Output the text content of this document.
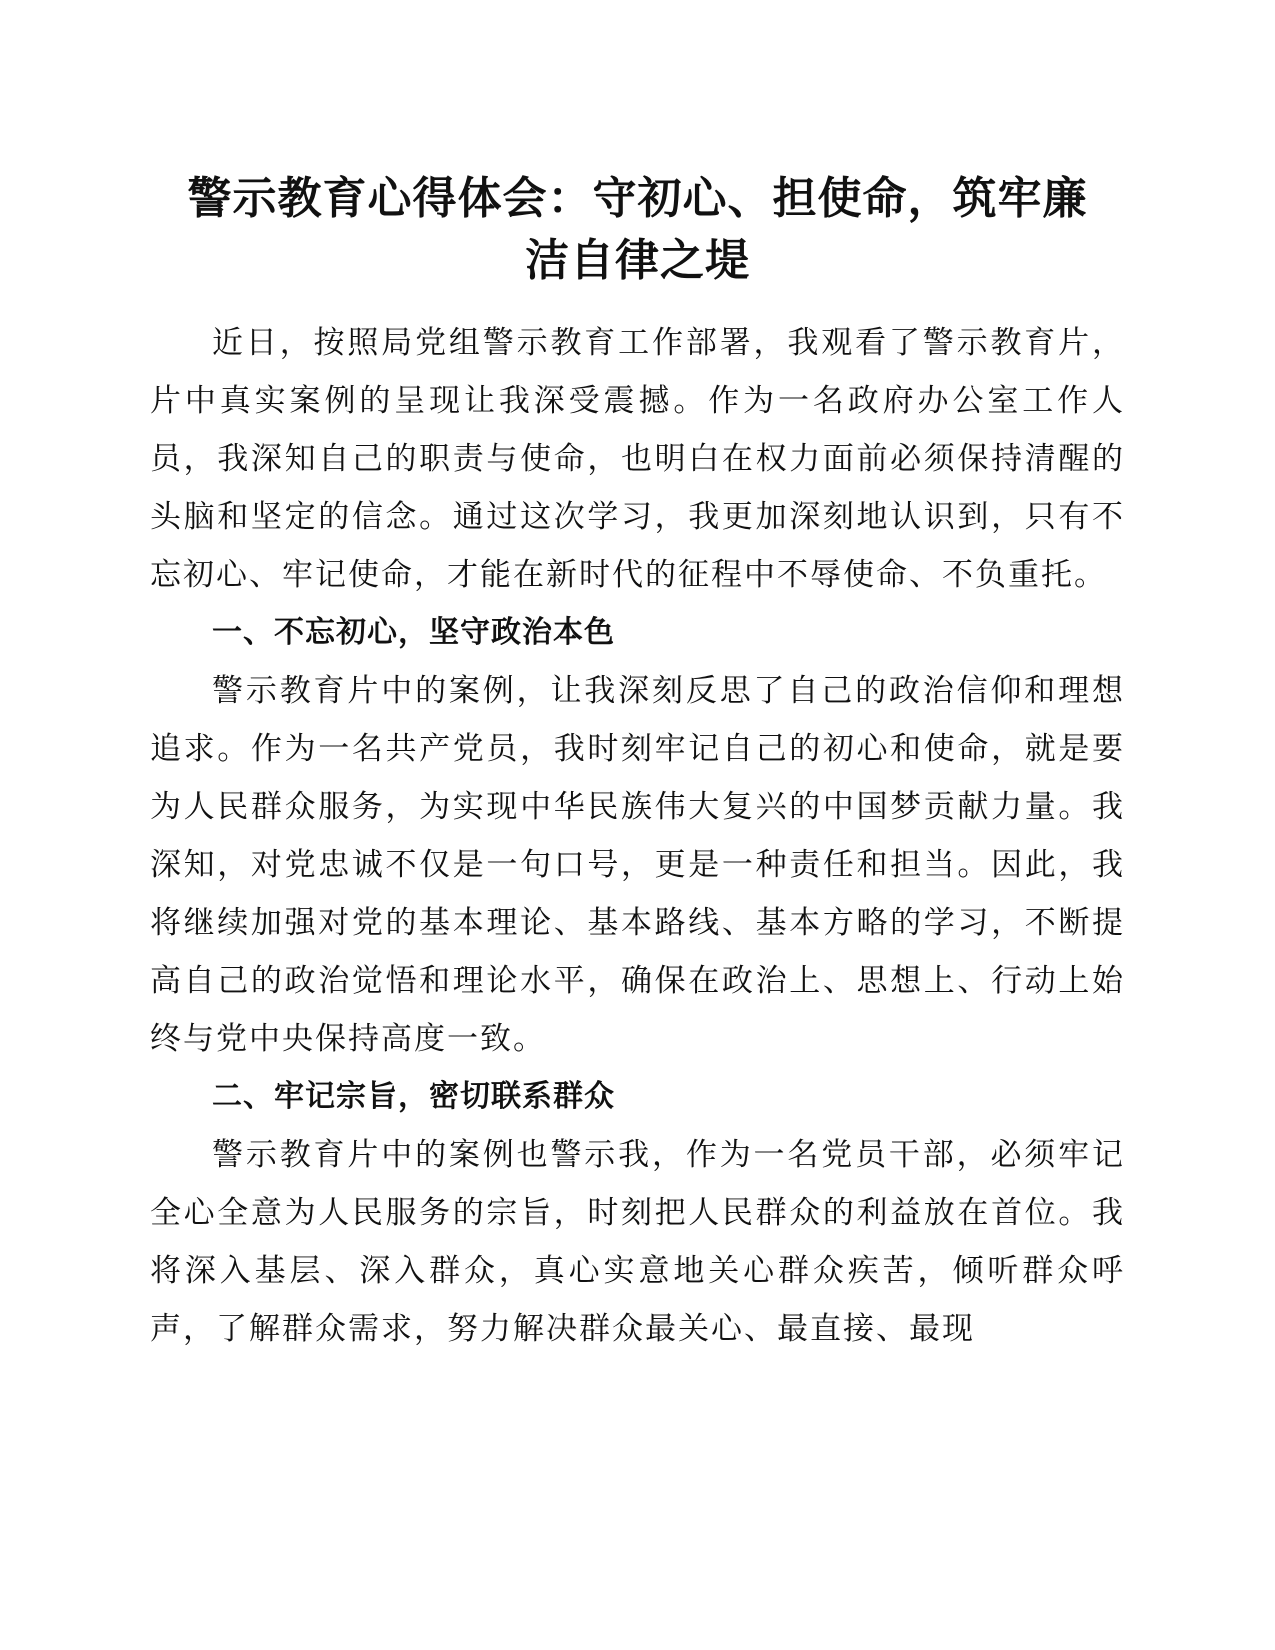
警示教育心得体会：守初心、担使命，筑牢廉
洁自律之堤

近日，按照局党组警示教育工作部署，我观看了警示教育片，片中真实案例的呈现让我深受震撼。作为一名政府办公室工作人员，我深知自己的职责与使命，也明白在权力面前必须保持清醒的头脑和坚定的信念。通过这次学习，我更加深刻地认识到，只有不忘初心、牢记使命，才能在新时代的征程中不辱使命、不负重托。

一、不忘初心，坚守政治本色

警示教育片中的案例，让我深刻反思了自己的政治信仰和理想追求。作为一名共产党员，我时刻牢记自己的初心和使命，就是要为人民群众服务，为实现中华民族伟大复兴的中国梦贡献力量。我深知，对党忠诚不仅是一句口号，更是一种责任和担当。因此，我将继续加强对党的基本理论、基本路线、基本方略的学习，不断提高自己的政治觉悟和理论水平，确保在政治上、思想上、行动上始终与党中央保持高度一致。

二、牢记宗旨，密切联系群众

警示教育片中的案例也警示我，作为一名党员干部，必须牢记全心全意为人民服务的宗旨，时刻把人民群众的利益放在首位。我将深入基层、深入群众，真心实意地关心群众疾苦，倾听群众呼声，了解群众需求，努力解决群众最关心、最直接、最现
